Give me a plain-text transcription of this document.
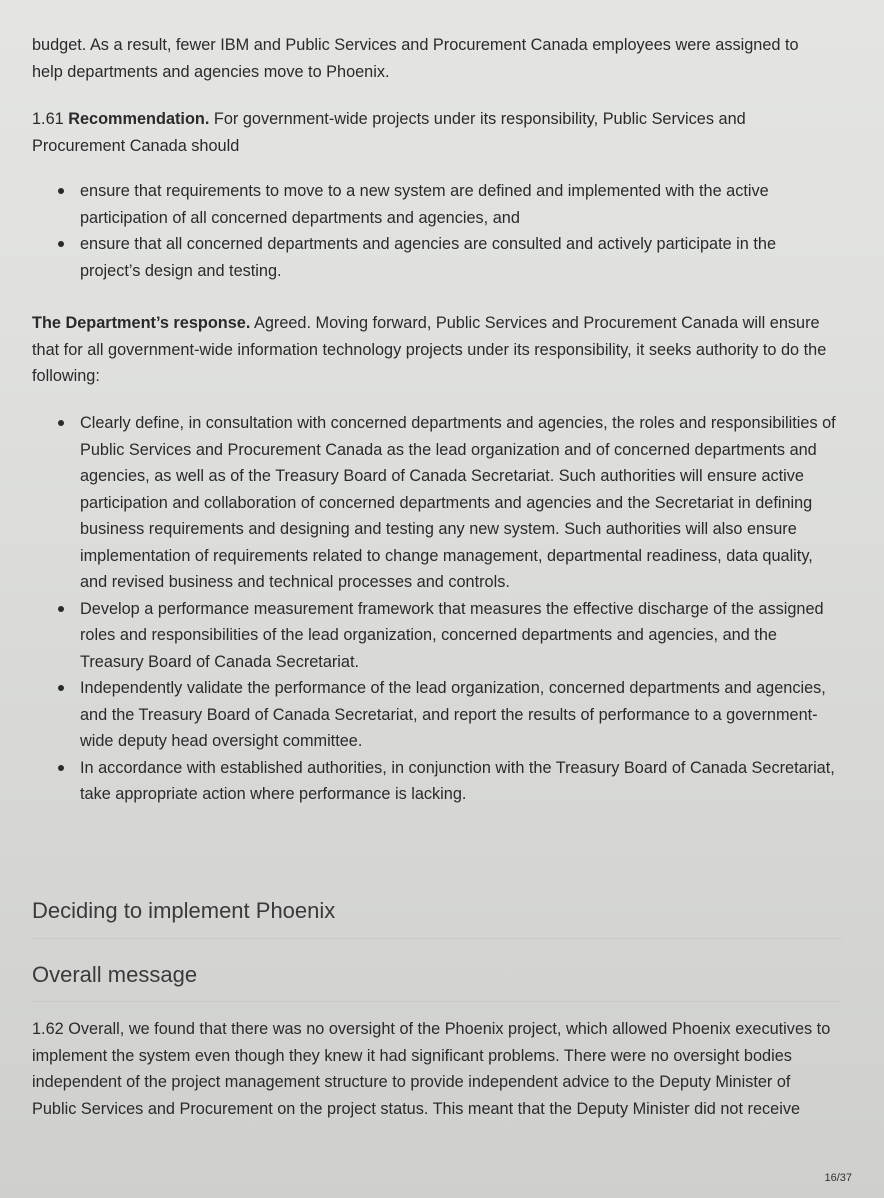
budget. As a result, fewer IBM and Public Services and Procurement Canada employees were assigned to help departments and agencies move to Phoenix.

1.61 Recommendation. For government-wide projects under its responsibility, Public Services and Procurement Canada should

ensure that requirements to move to a new system are defined and implemented with the active participation of all concerned departments and agencies, and
ensure that all concerned departments and agencies are consulted and actively participate in the project’s design and testing.

The Department’s response. Agreed. Moving forward, Public Services and Procurement Canada will ensure that for all government-wide information technology projects under its responsibility, it seeks authority to do the following:

Clearly define, in consultation with concerned departments and agencies, the roles and responsibilities of Public Services and Procurement Canada as the lead organization and of concerned departments and agencies, as well as of the Treasury Board of Canada Secretariat. Such authorities will ensure active participation and collaboration of concerned departments and agencies and the Secretariat in defining business requirements and designing and testing any new system. Such authorities will also ensure implementation of requirements related to change management, departmental readiness, data quality, and revised business and technical processes and controls.
Develop a performance measurement framework that measures the effective discharge of the assigned roles and responsibilities of the lead organization, concerned departments and agencies, and the Treasury Board of Canada Secretariat.
Independently validate the performance of the lead organization, concerned departments and agencies, and the Treasury Board of Canada Secretariat, and report the results of performance to a government-wide deputy head oversight committee.
In accordance with established authorities, in conjunction with the Treasury Board of Canada Secretariat, take appropriate action where performance is lacking.
Deciding to implement Phoenix
Overall message

1.62 Overall, we found that there was no oversight of the Phoenix project, which allowed Phoenix executives to implement the system even though they knew it had significant problems. There were no oversight bodies independent of the project management structure to provide independent advice to the Deputy Minister of Public Services and Procurement on the project status. This meant that the Deputy Minister did not receive

16/37
